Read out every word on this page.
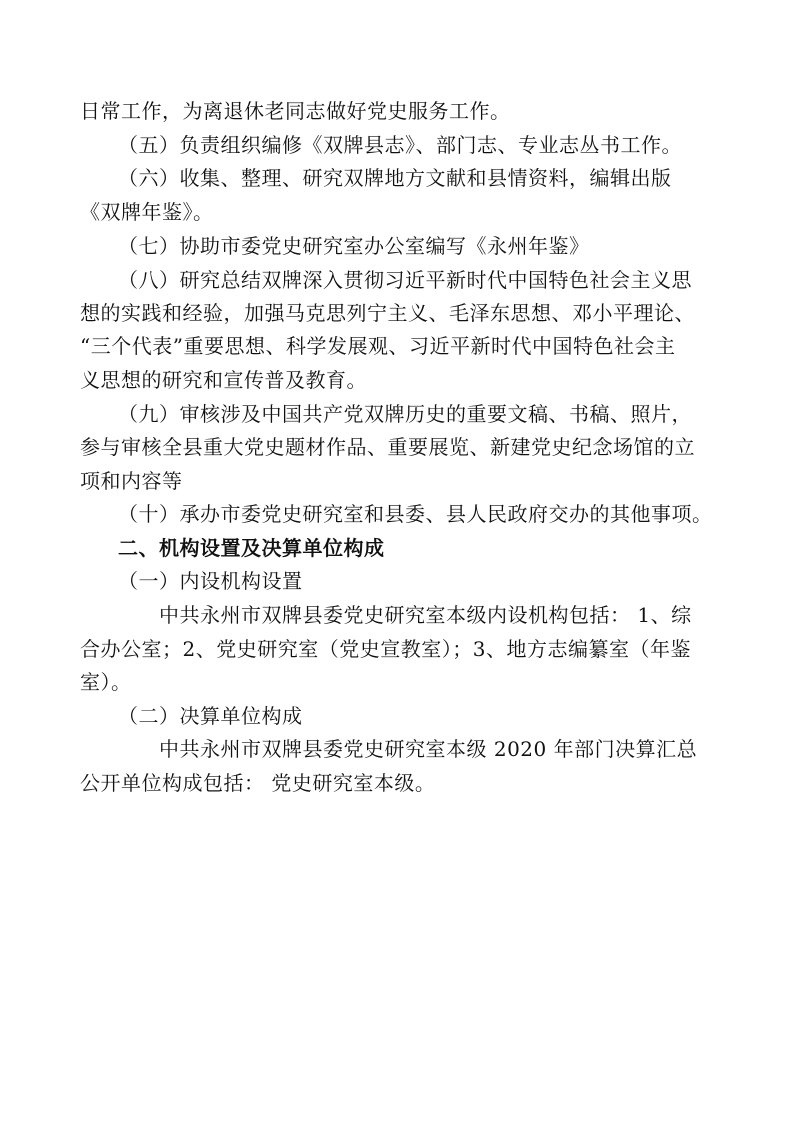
日常工作，为离退休老同志做好党史服务工作。
（五）负责组织编修《双牌县志》、部门志、专业志丛书工作。
（六）收集、整理、研究双牌地方文献和县情资料，编辑出版
《双牌年鉴》。
（七）协助市委党史研究室办公室编写《永州年鉴》
（八）研究总结双牌深入贯彻习近平新时代中国特色社会主义思
想的实践和经验，加强马克思列宁主义、毛泽东思想、邓小平理论、
“三个代表”重要思想、科学发展观、习近平新时代中国特色社会主
义思想的研究和宣传普及教育。
（九）审核涉及中国共产党双牌历史的重要文稿、书稿、照片，
参与审核全县重大党史题材作品、重要展览、新建党史纪念场馆的立
项和内容等
（十）承办市委党史研究室和县委、县人民政府交办的其他事项。
二、机构设置及决算单位构成
（一）内设机构设置
中共永州市双牌县委党史研究室本级内设机构包括： 1、综
合办公室；2、党史研究室（党史宣教室）；3、地方志编纂室（年鉴
室）。
（二）决算单位构成
中共永州市双牌县委党史研究室本级 2020 年部门决算汇总
公开单位构成包括： 党史研究室本级。
